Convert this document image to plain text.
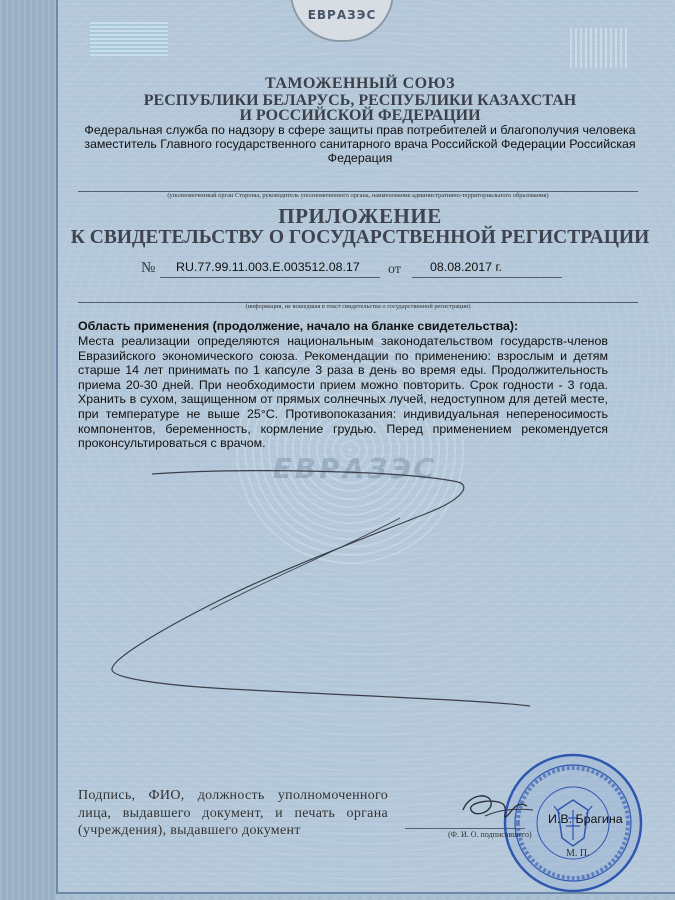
ЕВРАЗЭС
ЕВРАЗЭС
ТАМОЖЕННЫЙ СОЮЗ
РЕСПУБЛИКИ БЕЛАРУСЬ, РЕСПУБЛИКИ КАЗАХСТАН
И РОССИЙСКОЙ ФЕДЕРАЦИИ
Федеральная служба по надзору в сфере защиты прав потребителей и благополучия человека заместитель Главного государственного санитарного врача Российской Федерации Российская Федерация
(уполномоченный орган Стороны, руководитель уполномоченного органа, наименование административно-территориального образования)
ПРИЛОЖЕНИЕ
К СВИДЕТЕЛЬСТВУ О ГОСУДАРСТВЕННОЙ РЕГИСТРАЦИИ
№ RU.77.99.11.003.E.003512.08.17 от 08.08.2017 г.
(информация, не вошедшая в текст свидетельства о государственной регистрации)
Область применения (продолжение, начало на бланке свидетельства):
Места реализации определяются национальным законодательством государств-членов Евразийского экономического союза. Рекомендации по применению: взрослым и детям старше 14 лет принимать по 1 капсуле 3 раза в день во время еды. Продолжительность приема 20-30 дней. При необходимости прием можно повторить. Срок годности - 3 года. Хранить в сухом, защищенном от прямых солнечных лучей, недоступном для детей месте, при температуре не выше 25°С. Противопоказания: индивидуальная непереносимость компонентов, беременность, кормление грудью. Перед применением рекомендуется проконсультироваться с врачом.
Подпись, ФИО, должность уполномоченного лица, выдавшего документ, и печать органа (учреждения), выдавшего документ
И.В. Брагина
(Ф. И. О. подписавшего)
М. П.
